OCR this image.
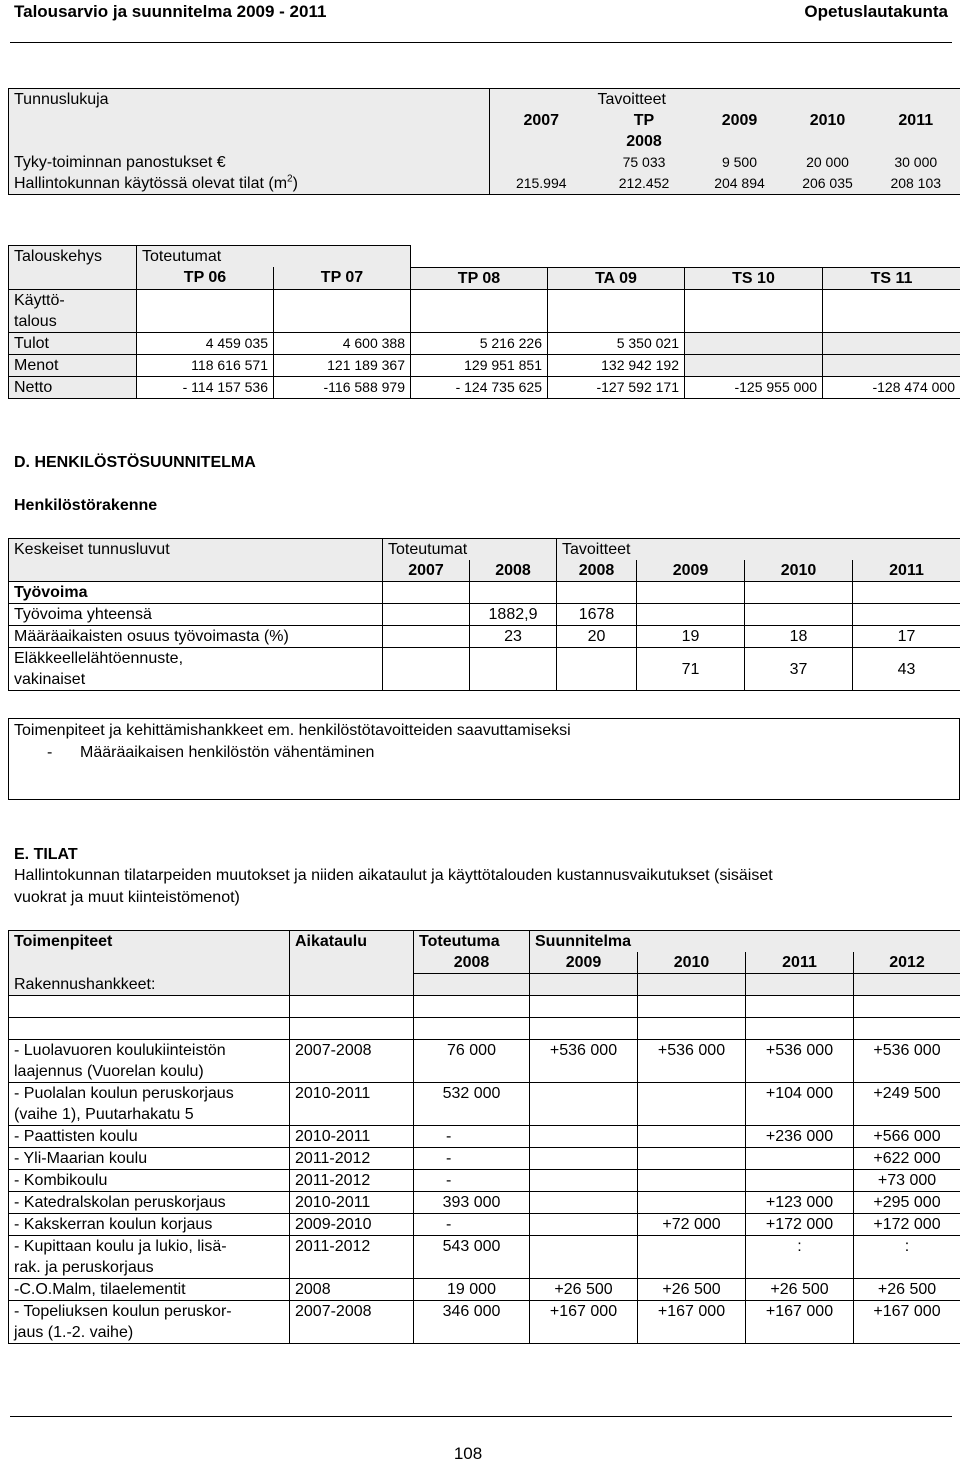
Talousarvio ja suunnitelma 2009 - 2011	Opetuslautakunta
Tunnuslukuja		Tavoitteet			
	2007	TP
2008	2009	2010	2011
Tyky-toiminnan panostukset €		75 033	9 500	20 000	30 000
Hallintokunnan käytössä olevat tilat $(m^2)$	215.994	212.452	204 894	206 035	208 103
Talouskehys	Toteutumat					
	TP 06	TP 07	TP 08	TA 09	TS 10	TS 11
Käyttö-
talous						
Tulot	4 459 035	4 600 388	5 216 226	5 350 021		
Menot	118 616 571	121 189 367	129 951 851	132 942 192		
Netto	- 114 157 536	-116 588 979	- 124 735 625	-127 592 171	-125 955 000	-128 474 000
D. HENKILÖSTÖSUUNNITELMA
Henkilöstörakenne
Keskeiset tunnusluvut	Toteutumat		Tavoitteet			
	2007	2008	2008	2009	2010	2011
Työvoima						
Työvoima yhteensä		1882,9	1678			
Määräaikaisten osuus työvoimasta (%)		23	20	19	18	17
Eläkkeellelähtöennuste,
vakinaiset				71	37	43
Toimenpiteet ja kehittämishankkeet em. henkilöstötavoitteiden saavuttamiseksi
- Määräaikaisen henkilöstön vähentäminen
E. TILAT
Hallintokunnan tilatarpeiden muutokset ja niiden aikataulut ja käyttötalouden kustannusvaikutukset (sisäiset
vuokrat ja muut kiinteistömenot)
Toimenpiteet	Aikataulu	Toteutuma	Suunnitelma			
		2008	2009	2010	2011	2012
Rakennushankkeet:						

- Luolavuoren koulukiinteistön
laajennus (Vuorelan koulu)	2007-2008	76 000	+536 000	+536 000	+536 000	+536 000
- Puolalan koulun peruskorjaus
(vaihe 1), Puutarhakatu 5	2010-2011	532 000			+104 000	+249 500
- Paattisten koulu	2010-2011	-			+236 000	+566 000
- Yli-Maarian koulu	2011-2012	-				+622 000
- Kombikoulu	2011-2012	-				+73 000
- Katedralskolan peruskorjaus	2010-2011	393 000			+123 000	+295 000
- Kakskerran koulun korjaus	2009-2010	-		+72 000	+172 000	+172 000
- Kupittaan koulu ja lukio, lisä-
rak. ja peruskorjaus	2011-2012	543 000			:	:
-C.O.Malm, tilaelementit	2008	19 000	+26 500	+26 500	+26 500	+26 500
- Topeliuksen koulun peruskor-
jaus (1.-2. vaihe)	2007-2008	346 000	+167 000	+167 000	+167 000	+167 000
108
